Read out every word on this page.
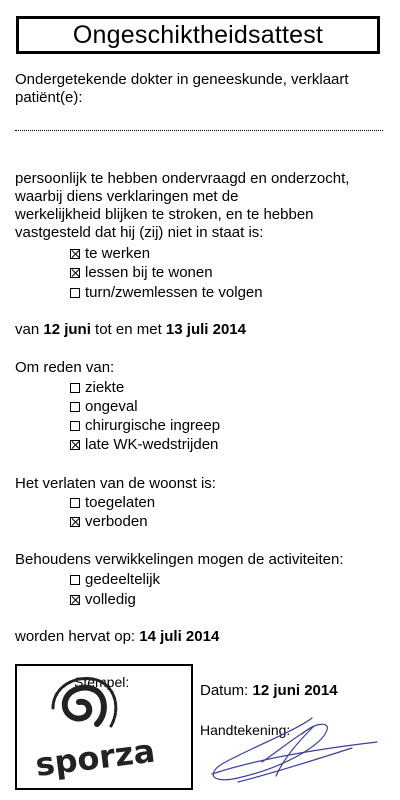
Ongeschiktheidsattest
Ondergetekende dokter in geneeskunde, verklaart patiënt(e):
persoonlijk te hebben ondervraagd en onderzocht,
waarbij diens verklaringen met de
werkelijkheid blijken te stroken, en te hebben
vastgesteld dat hij (zij) niet in staat is:
te werken
lessen bij te wonen
turn/zwemlessen te volgen
van 12 juni tot en met 13 juli 2014
Om reden van:
ziekte
ongeval
chirurgische ingreep
late WK-wedstrijden
Het verlaten van de woonst is:
toegelaten
verboden
Behoudens verwikkelingen mogen de activiteiten:
gedeeltelijk
volledig
worden hervat op: 14 juli 2014
Stempel:
sporza
Datum: 12 juni 2014
Handtekening:
